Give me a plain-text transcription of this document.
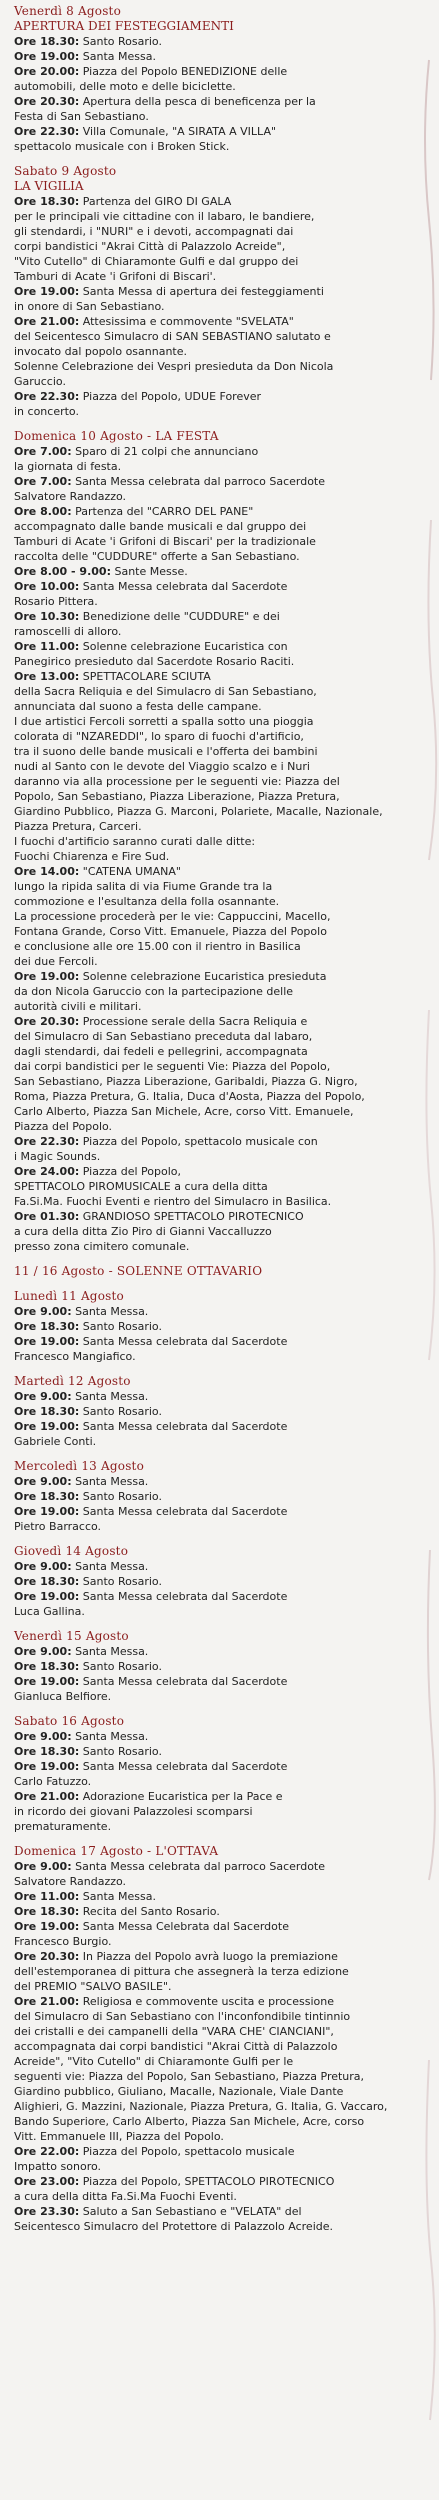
Venerdì 8 Agosto
APERTURA DEI FESTEGGIAMENTI
Ore 18.30: Santo Rosario.
Ore 19.00: Santa Messa.
Ore 20.00: Piazza del Popolo BENEDIZIONE delle
automobili, delle moto e delle biciclette.
Ore 20.30: Apertura della pesca di beneficenza per la
Festa di San Sebastiano.
Ore 22.30: Villa Comunale, "A SIRATA A VILLA"
spettacolo musicale con i Broken Stick.
Sabato 9 Agosto
LA VIGILIA
Ore 18.30: Partenza del GIRO DI GALA
per le principali vie cittadine con il labaro, le bandiere,
gli stendardi, i "NURI" e i devoti, accompagnati dai
corpi bandistici "Akrai Città di Palazzolo Acreide",
"Vito Cutello" di Chiaramonte Gulfi e dal gruppo dei
Tamburi di Acate 'i Grifoni di Biscari'.
Ore 19.00: Santa Messa di apertura dei festeggiamenti
in onore di San Sebastiano.
Ore 21.00: Attesissima e commovente "SVELATA"
del Seicentesco Simulacro di SAN SEBASTIANO salutato e
invocato dal popolo osannante.
Solenne Celebrazione dei Vespri presieduta da Don Nicola
Garuccio.
Ore 22.30: Piazza del Popolo, UDUE Forever
in concerto.
Domenica 10 Agosto - LA FESTA
Ore 7.00: Sparo di 21 colpi che annunciano
la giornata di festa.
Ore 7.00: Santa Messa celebrata dal parroco Sacerdote
Salvatore Randazzo.
Ore 8.00: Partenza del "CARRO DEL PANE"
accompagnato dalle bande musicali e dal gruppo dei
Tamburi di Acate 'i Grifoni di Biscari' per la tradizionale
raccolta delle "CUDDURE" offerte a San Sebastiano.
Ore 8.00 - 9.00: Sante Messe.
Ore 10.00: Santa Messa celebrata dal Sacerdote
Rosario Pittera.
Ore 10.30: Benedizione delle "CUDDURE" e dei
ramoscelli di alloro.
Ore 11.00: Solenne celebrazione Eucaristica con
Panegirico presieduto dal Sacerdote Rosario Raciti.
Ore 13.00: SPETTACOLARE SCIUTA
della Sacra Reliquia e del Simulacro di San Sebastiano,
annunciata dal suono a festa delle campane.
I due artistici Fercoli sorretti a spalla sotto una pioggia
colorata di "NZAREDDI", lo sparo di fuochi d'artificio,
tra il suono delle bande musicali e l'offerta dei bambini
nudi al Santo con le devote del Viaggio scalzo e i Nuri
daranno via alla processione per le seguenti vie: Piazza del
Popolo, San Sebastiano, Piazza Liberazione, Piazza Pretura,
Giardino Pubblico, Piazza G. Marconi, Polariete, Macalle, Nazionale,
Piazza Pretura, Carceri.
I fuochi d'artificio saranno curati dalle ditte:
Fuochi Chiarenza e Fire Sud.
Ore 14.00: "CATENA UMANA"
lungo la ripida salita di via Fiume Grande tra la
commozione e l'esultanza della folla osannante.
La processione procederà per le vie: Cappuccini, Macello,
Fontana Grande, Corso Vitt. Emanuele, Piazza del Popolo
e conclusione alle ore 15.00 con il rientro in Basilica
dei due Fercoli.
Ore 19.00: Solenne celebrazione Eucaristica presieduta
da don Nicola Garuccio con la partecipazione delle
autorità civili e militari.
Ore 20.30: Processione serale della Sacra Reliquia e
del Simulacro di San Sebastiano preceduta dal labaro,
dagli stendardi, dai fedeli e pellegrini, accompagnata
dai corpi bandistici per le seguenti Vie: Piazza del Popolo,
San Sebastiano, Piazza Liberazione, Garibaldi, Piazza G. Nigro,
Roma, Piazza Pretura, G. Italia, Duca d'Aosta, Piazza del Popolo,
Carlo Alberto, Piazza San Michele, Acre, corso Vitt. Emanuele,
Piazza del Popolo.
Ore 22.30: Piazza del Popolo, spettacolo musicale con
i Magic Sounds.
Ore 24.00: Piazza del Popolo,
SPETTACOLO PIROMUSICALE a cura della ditta
Fa.Si.Ma. Fuochi Eventi e rientro del Simulacro in Basilica.
Ore 01.30: GRANDIOSO SPETTACOLO PIROTECNICO
a cura della ditta Zio Piro di Gianni Vaccalluzzo
presso zona cimitero comunale.
11 / 16 Agosto - SOLENNE OTTAVARIO
Lunedì 11 Agosto
Ore 9.00: Santa Messa.
Ore 18.30: Santo Rosario.
Ore 19.00: Santa Messa celebrata dal Sacerdote
Francesco Mangiafico.
Martedì 12 Agosto
Ore 9.00: Santa Messa.
Ore 18.30: Santo Rosario.
Ore 19.00: Santa Messa celebrata dal Sacerdote
Gabriele Conti.
Mercoledì 13 Agosto
Ore 9.00: Santa Messa.
Ore 18.30: Santo Rosario.
Ore 19.00: Santa Messa celebrata dal Sacerdote
Pietro Barracco.
Giovedì 14 Agosto
Ore 9.00: Santa Messa.
Ore 18.30: Santo Rosario.
Ore 19.00: Santa Messa celebrata dal Sacerdote
Luca Gallina.
Venerdì 15 Agosto
Ore 9.00: Santa Messa.
Ore 18.30: Santo Rosario.
Ore 19.00: Santa Messa celebrata dal Sacerdote
Gianluca Belfiore.
Sabato 16 Agosto
Ore 9.00: Santa Messa.
Ore 18.30: Santo Rosario.
Ore 19.00: Santa Messa celebrata dal Sacerdote
Carlo Fatuzzo.
Ore 21.00: Adorazione Eucaristica per la Pace e
in ricordo dei giovani Palazzolesi scomparsi
prematuramente.
Domenica 17 Agosto - L'OTTAVA
Ore 9.00: Santa Messa celebrata dal parroco Sacerdote
Salvatore Randazzo.
Ore 11.00: Santa Messa.
Ore 18.30: Recita del Santo Rosario.
Ore 19.00: Santa Messa Celebrata dal Sacerdote
Francesco Burgio.
Ore 20.30: In Piazza del Popolo avrà luogo la premiazione
dell'estemporanea di pittura che assegnerà la terza edizione
del PREMIO "SALVO BASILE".
Ore 21.00: Religiosa e commovente uscita e processione
del Simulacro di San Sebastiano con l'inconfondibile tintinnio
dei cristalli e dei campanelli della "VARA CHE' CIANCIANI",
accompagnata dai corpi bandistici "Akrai Città di Palazzolo
Acreide", "Vito Cutello" di Chiaramonte Gulfi per le
seguenti vie: Piazza del Popolo, San Sebastiano, Piazza Pretura,
Giardino pubblico, Giuliano, Macalle, Nazionale, Viale Dante
Alighieri, G. Mazzini, Nazionale, Piazza Pretura, G. Italia, G. Vaccaro,
Bando Superiore, Carlo Alberto, Piazza San Michele, Acre, corso
Vitt. Emmanuele III, Piazza del Popolo.
Ore 22.00: Piazza del Popolo, spettacolo musicale
Impatto sonoro.
Ore 23.00: Piazza del Popolo, SPETTACOLO PIROTECNICO
a cura della ditta Fa.Si.Ma Fuochi Eventi.
Ore 23.30: Saluto a San Sebastiano e "VELATA" del
Seicentesco Simulacro del Protettore di Palazzolo Acreide.
